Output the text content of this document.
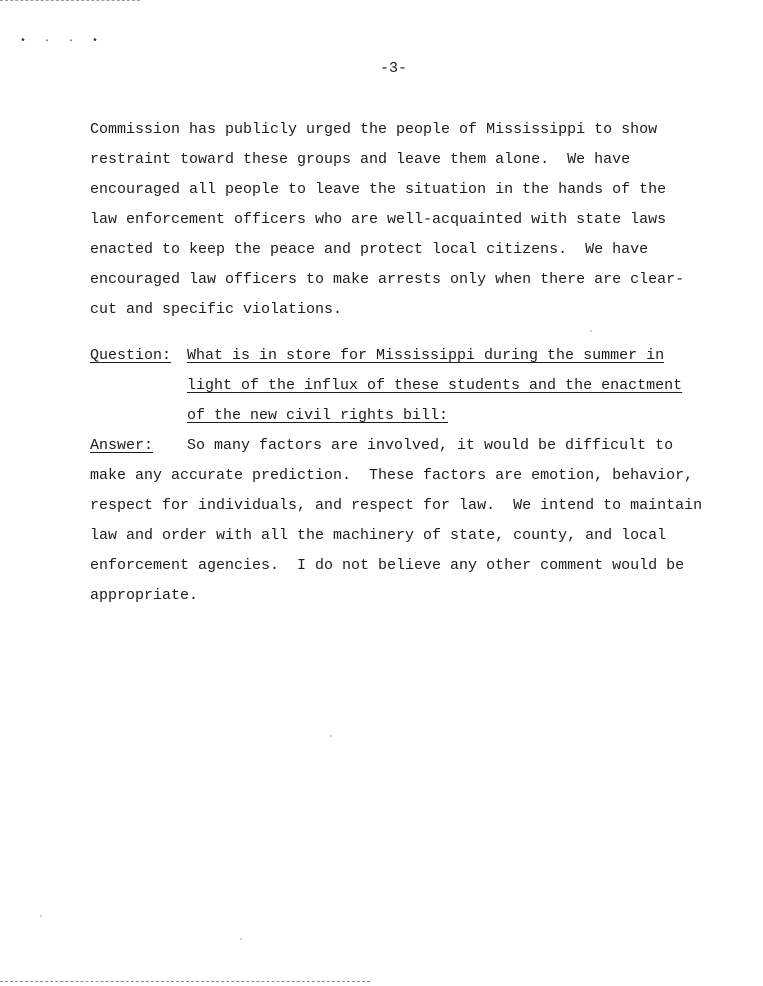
• · · •
-3-
Commission has publicly urged the people of Mississippi to show
restraint toward these groups and leave them alone.  We have
encouraged all people to leave the situation in the hands of the
law enforcement officers who are well-acquainted with state laws
enacted to keep the peace and protect local citizens.  We have
encouraged law officers to make arrests only when there are clear-
cut and specific violations.
Question: What is in store for Mississippi during the summer in
light of the influx of these students and the enactment
of the new civil rights bill:
Answer: So many factors are involved, it would be difficult to
make any accurate prediction.  These factors are emotion, behavior,
respect for individuals, and respect for law.  We intend to maintain
law and order with all the machinery of state, county, and local
enforcement agencies.  I do not believe any other comment would be
appropriate.
